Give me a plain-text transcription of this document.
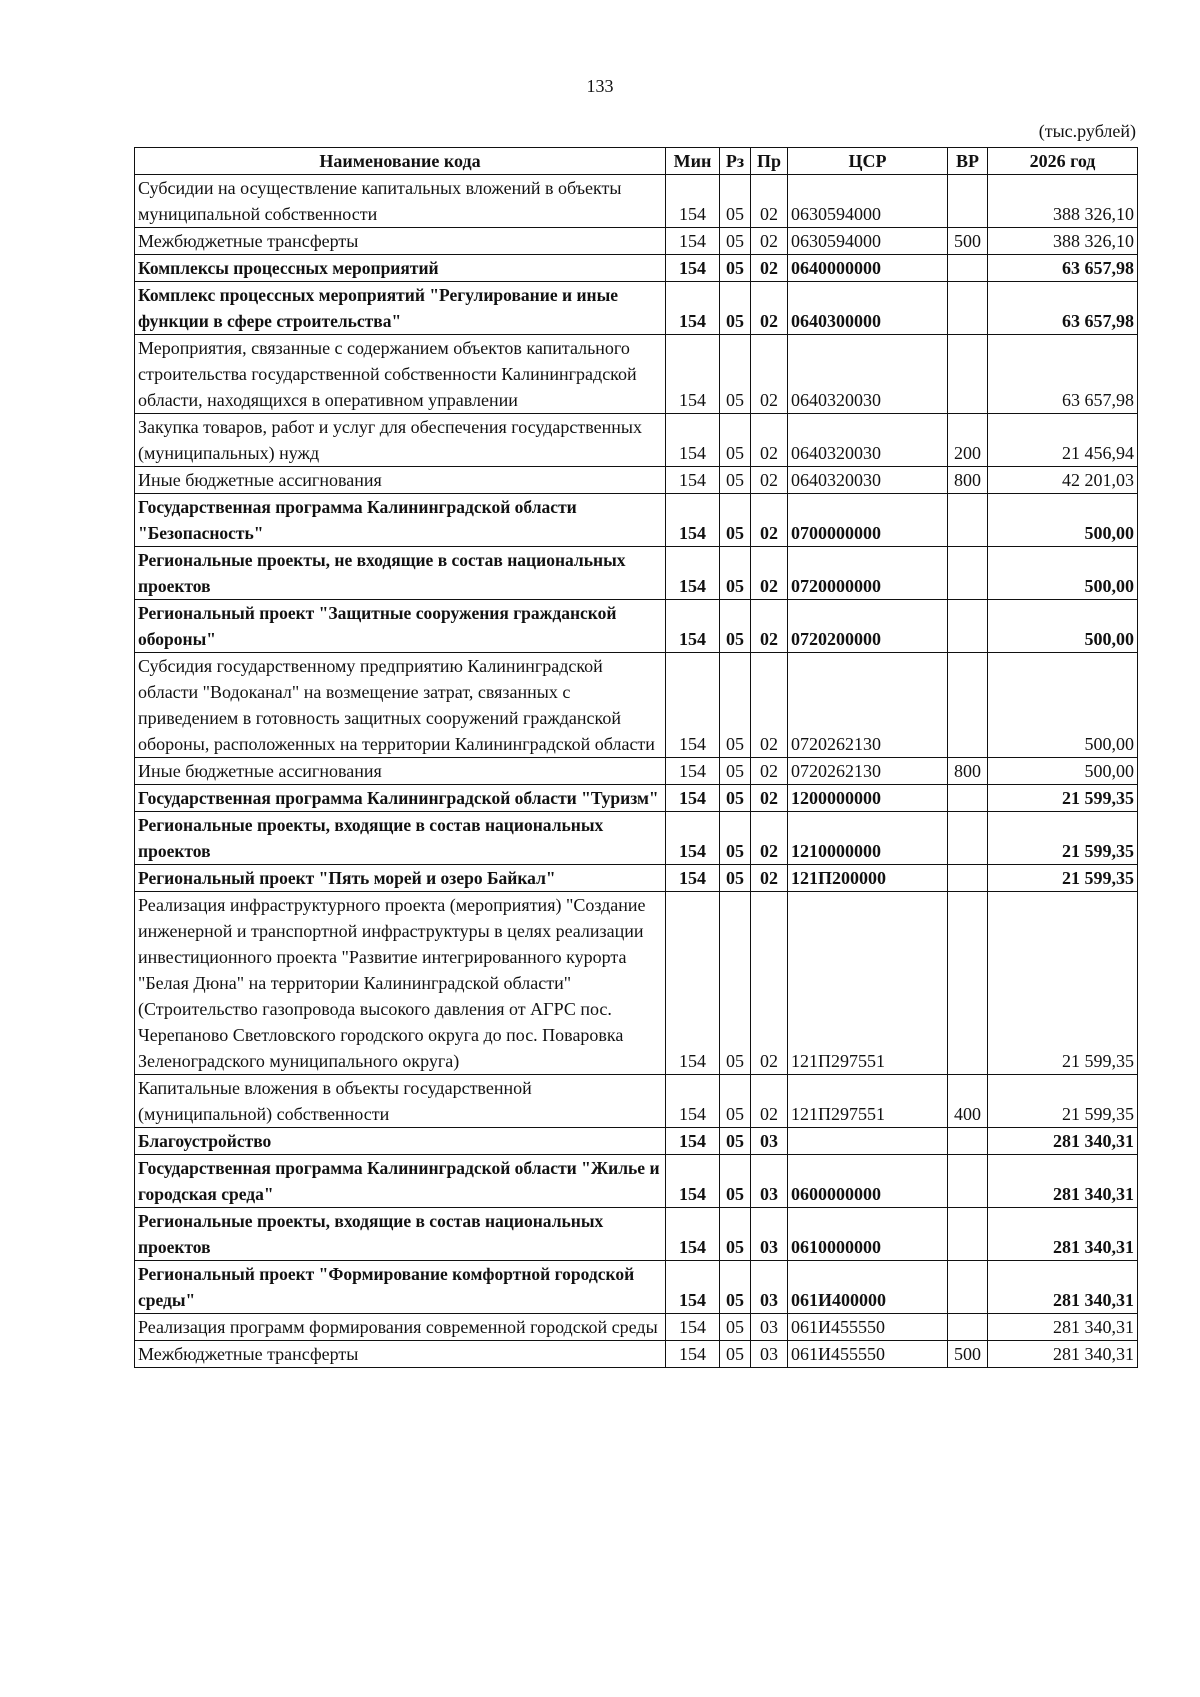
133
(тыс.рублей)
Наименование кода	Мин	Рз	Пр	ЦСР	ВР	2026 год
Субсидии на осуществление капитальных вложений в объекты муниципальной собственности	154	05	02	0630594000		388 326,10
Межбюджетные трансферты	154	05	02	0630594000	500	388 326,10
Комплексы процессных мероприятий	154	05	02	0640000000		63 657,98
Комплекс процессных мероприятий "Регулирование и иные функции в сфере строительства"	154	05	02	0640300000		63 657,98
Мероприятия, связанные с содержанием объектов капитального строительства государственной собственности Калининградской области, находящихся в оперативном управлении	154	05	02	0640320030		63 657,98
Закупка товаров, работ и услуг для обеспечения государственных (муниципальных) нужд	154	05	02	0640320030	200	21 456,94
Иные бюджетные ассигнования	154	05	02	0640320030	800	42 201,03
Государственная программа Калининградской области "Безопасность"	154	05	02	0700000000		500,00
Региональные проекты, не входящие в состав национальных проектов	154	05	02	0720000000		500,00
Региональный проект "Защитные сооружения гражданской обороны"	154	05	02	0720200000		500,00
Субсидия государственному предприятию Калининградской области "Водоканал" на возмещение затрат, связанных с приведением в готовность защитных сооружений гражданской обороны, расположенных на территории Калининградской области	154	05	02	0720262130		500,00
Иные бюджетные ассигнования	154	05	02	0720262130	800	500,00
Государственная программа Калининградской области "Туризм"	154	05	02	1200000000		21 599,35
Региональные проекты, входящие в состав национальных проектов	154	05	02	1210000000		21 599,35
Региональный проект "Пять морей и озеро Байкал"	154	05	02	121П200000		21 599,35
Реализация инфраструктурного проекта (мероприятия) "Создание инженерной и транспортной инфраструктуры в целях реализации инвестиционного проекта "Развитие интегрированного курорта "Белая Дюна" на территории Калининградской области" (Строительство газопровода высокого давления от АГРС пос. Черепаново Светловского городского округа до пос. Поваровка Зеленоградского муниципального округа)	154	05	02	121П297551		21 599,35
Капитальные вложения в объекты государственной (муниципальной) собственности	154	05	02	121П297551	400	21 599,35
Благоустройство	154	05	03			281 340,31
Государственная программа Калининградской области "Жилье и городская среда"	154	05	03	0600000000		281 340,31
Региональные проекты, входящие в состав национальных проектов	154	05	03	0610000000		281 340,31
Региональный проект "Формирование комфортной городской среды"	154	05	03	061И400000		281 340,31
Реализация программ формирования современной городской среды	154	05	03	061И455550		281 340,31
Межбюджетные трансферты	154	05	03	061И455550	500	281 340,31
